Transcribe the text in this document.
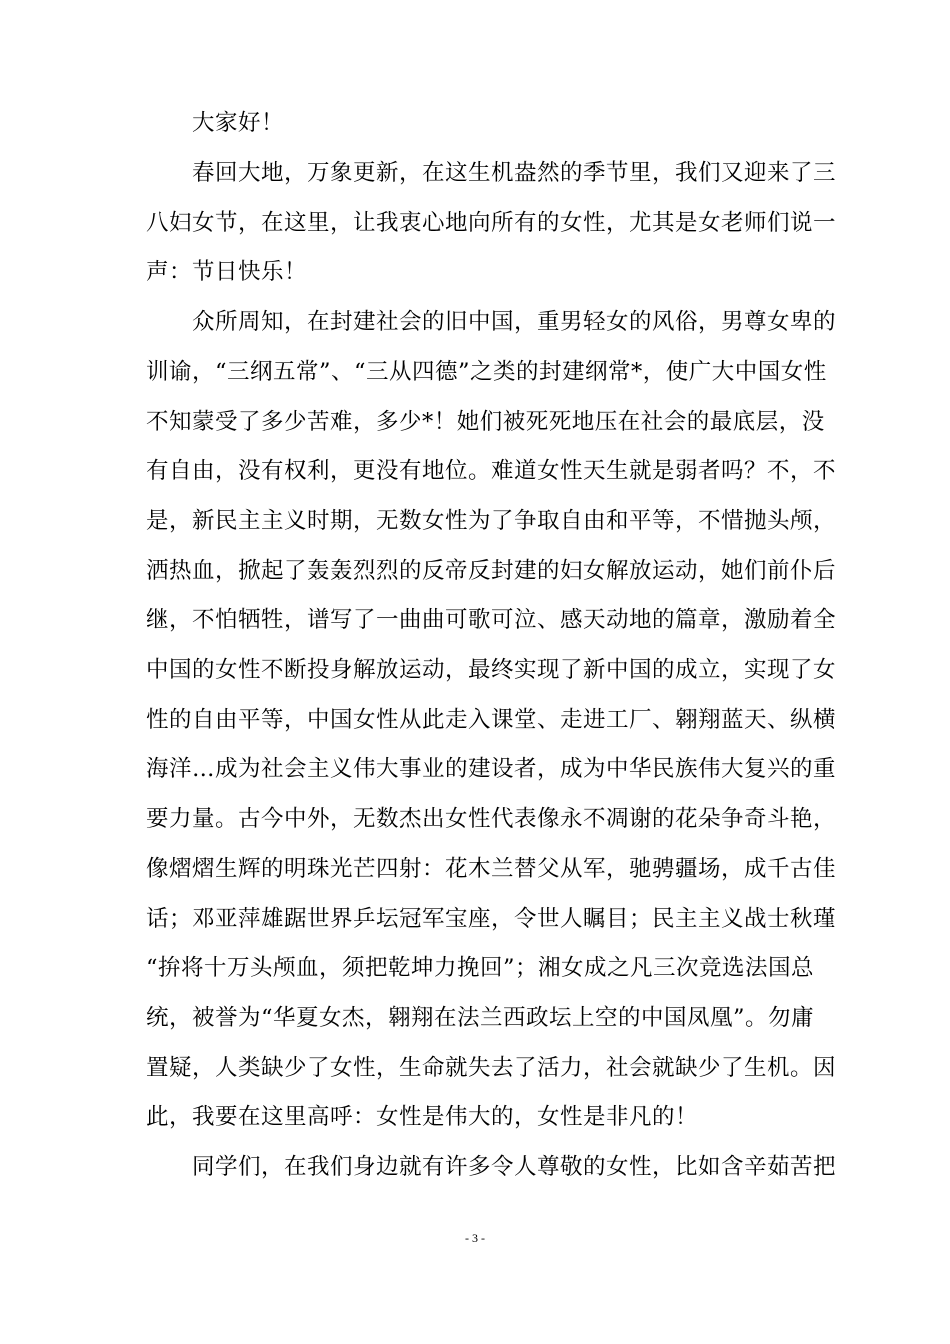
大家好！

春回大地，万象更新，在这生机盎然的季节里，我们又迎来了三

八妇女节，在这里，让我衷心地向所有的女性，尤其是女老师们说一

声：节日快乐！

众所周知，在封建社会的旧中国，重男轻女的风俗，男尊女卑的

训谕，“三纲五常”、“三从四德”之类的封建纲常*，使广大中国女性

不知蒙受了多少苦难，多少*！她们被死死地压在社会的最底层，没

有自由，没有权利，更没有地位。难道女性天生就是弱者吗？不，不

是，新民主主义时期，无数女性为了争取自由和平等，不惜抛头颅，

洒热血，掀起了轰轰烈烈的反帝反封建的妇女解放运动，她们前仆后

继，不怕牺牲，谱写了一曲曲可歌可泣、感天动地的篇章，激励着全

中国的女性不断投身解放运动，最终实现了新中国的成立，实现了女

性的自由平等，中国女性从此走入课堂、走进工厂、翱翔蓝天、纵横

海洋…成为社会主义伟大事业的建设者，成为中华民族伟大复兴的重

要力量。古今中外，无数杰出女性代表像永不凋谢的花朵争奇斗艳，

像熠熠生辉的明珠光芒四射：花木兰替父从军，驰骋疆场，成千古佳

话；邓亚萍雄踞世界乒坛冠军宝座，令世人瞩目；民主主义战士秋瑾

“拚将十万头颅血，须把乾坤力挽回”；湘女成之凡三次竞选法国总

统，被誉为“华夏女杰，翱翔在法兰西政坛上空的中国凤凰”。勿庸

置疑，人类缺少了女性，生命就失去了活力，社会就缺少了生机。因

此，我要在这里高呼：女性是伟大的，女性是非凡的！

同学们，在我们身边就有许多令人尊敬的女性，比如含辛茹苦把

- 3 -
